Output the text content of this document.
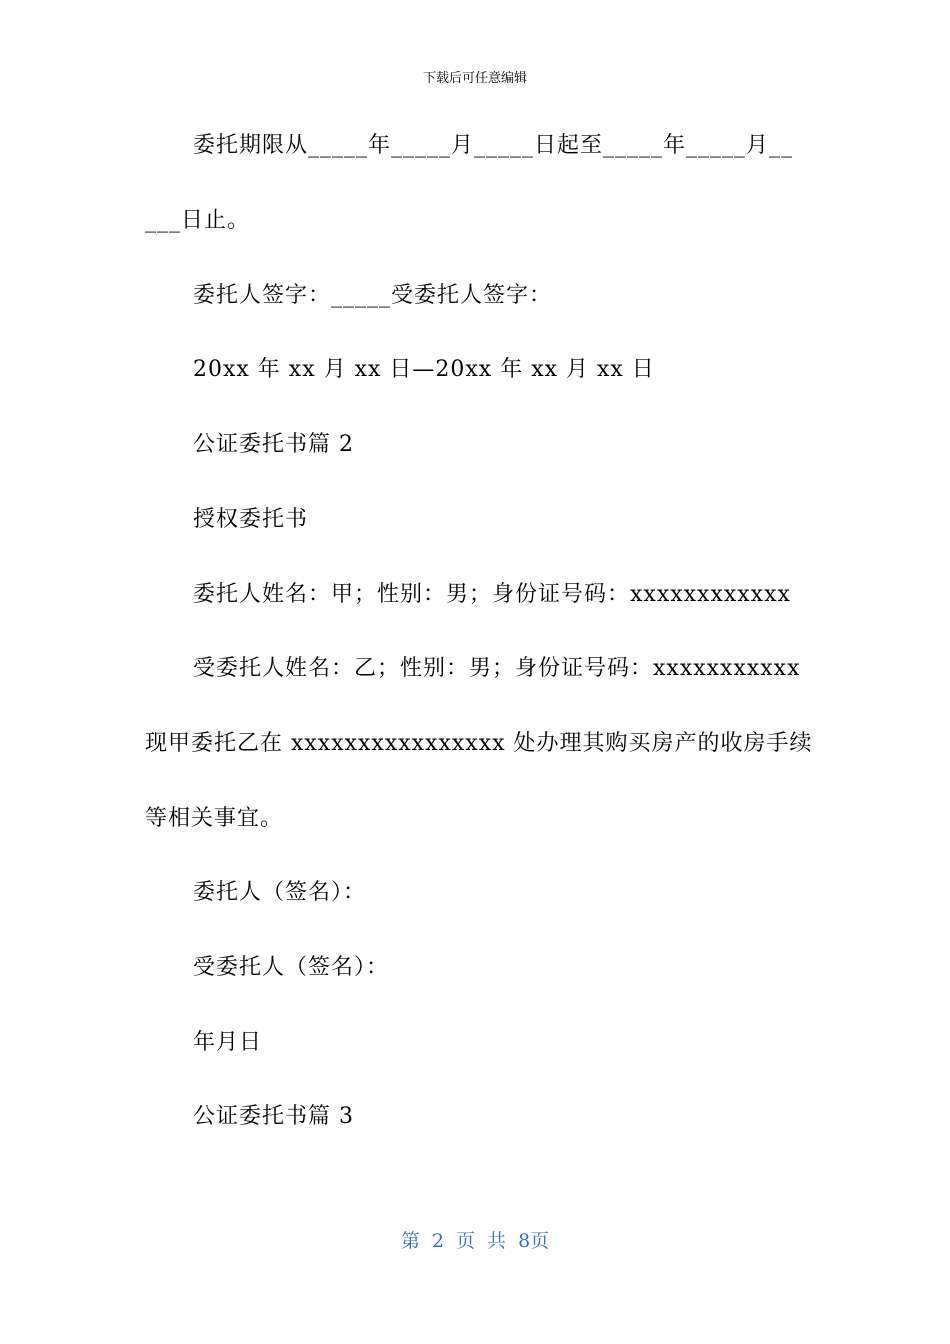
下载后可任意编辑
委托期限从_____年_____月_____日起至_____年_____月__
___日止。
委托人签字：_____受委托人签字：
20xx 年 xx 月 xx 日—20xx 年 xx 月 xx 日
公证委托书篇 2
授权委托书
委托人姓名：甲；性别：男；身份证号码：xxxxxxxxxxxx
受委托人姓名：乙；性别：男；身份证号码：xxxxxxxxxxx
现甲委托乙在 xxxxxxxxxxxxxxxx 处办理其购买房产的收房手续
等相关事宜。
委托人（签名）：
受委托人（签名）：
年月日
公证委托书篇 3
第 2 页 共 8页
